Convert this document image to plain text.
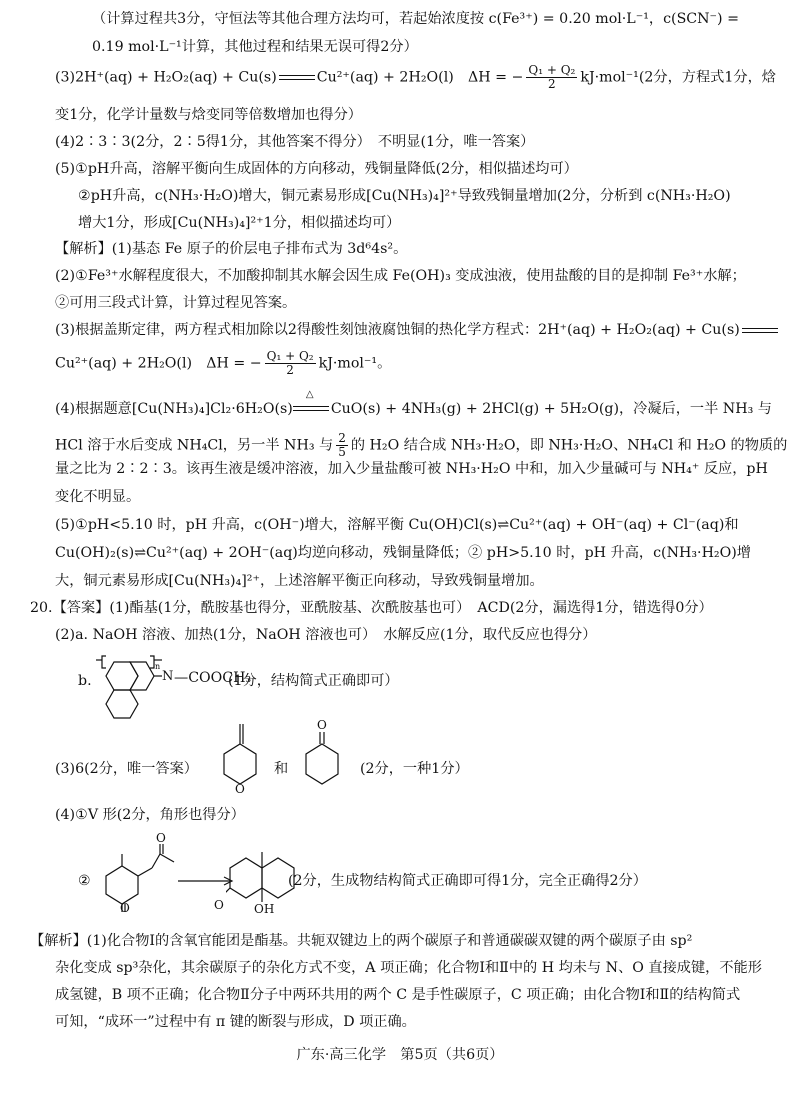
（计算过程共3分，守恒法等其他合理方法均可，若起始浓度按 c(Fe³⁺) = 0.20 mol·L⁻¹，c(SCN⁻) =
0.19 mol·L⁻¹计算，其他过程和结果无误可得2分）
(3)2H⁺(aq) + H₂O₂(aq) + Cu(s)	Cu²⁺(aq) + 2H₂O(l)　ΔH = − $\frac{\text{Q₁ + Q₂}}{2} kJ\cdot mol^{-1}(2$分，方程式1分，焓
变1分，化学计量数与焓变同等倍数增加也得分）
(4)2∶3∶3(2分，2∶5得1分，其他答案不得分）　不明显(1分，唯一答案）
(5)①pH升高，溶解平衡向生成固体的方向移动，残铜量降低(2分，相似描述均可）
②pH升高，c(NH₃·H₂O)增大，铜元素易形成[Cu(NH₃)₄]²⁺导致残铜量增加(2分，分析到 c(NH₃·H₂O)
增大1分，形成[Cu(NH₃)₄]²⁺1分，相似描述均可）
【解析】(1)基态 Fe 原子的价层电子排布式为 3d⁶4s²。
(2)①Fe³⁺水解程度很大，不加酸抑制其水解会因生成 Fe(OH)₃ 变成浊液，使用盐酸的目的是抑制 Fe³⁺水解；
②可用三段式计算，计算过程见答案。
(3)根据盖斯定律，两方程式相加除以2得酸性刻蚀液腐蚀铜的热化学方程式：2H⁺(aq) + H₂O₂(aq) + Cu(s)
Cu²⁺(aq) + 2H₂O(l)　ΔH = − $\frac{\text{Q₁ + Q₂}}{2} kJ\cdot mol^{-1}$。
(4)根据题意[Cu(NH₃)₄]Cl₂·6H₂O(s)
△
CuO(s) + 4NH₃(g) + 2HCl(g) + 5H₂O(g)，冷凝后，一半 NH₃ 与
HCl 溶于水后变成 NH₄Cl，另一半 NH₃ 与 $\frac{2}{5}$ 的 H₂O 结合成 NH₃·H₂O，即 NH₃·H₂O、NH₄Cl 和 H₂O 的物质的
量之比为 2∶2∶3。该再生液是缓冲溶液，加入少量盐酸可被 NH₃·H₂O 中和，加入少量碱可与 NH₄⁺ 反应，pH
变化不明显。
(5)①pH<5.10 时，pH 升高，c(OH⁻)增大，溶解平衡 Cu(OH)Cl(s)⇌Cu²⁺(aq) + OH⁻(aq) + Cl⁻(aq)和
Cu(OH)₂(s)⇌Cu²⁺(aq) + 2OH⁻(aq)均逆向移动，残铜量降低；② pH>5.10 时，pH 升高，c(NH₃·H₂O)增
大，铜元素易形成[Cu(NH₃)₄]²⁺，上述溶解平衡正向移动，导致残铜量增加。
20.【答案】(1)酯基(1分，酰胺基也得分，亚酰胺基、次酰胺基也可）　ACD(2分，漏选得1分，错选得0分）
(2)a. NaOH 溶液、加热(1分，NaOH 溶液也可）　水解反应(1分，取代反应也得分）
b.
n
N —COOCH₃
(1分，结构简式正确即可）
(3)6(2分，唯一答案）
O
和
O
(2分，一种1分）
(4)①V 形(2分，角形也得分）
②
O
O	O	OH
(2分，生成物结构简式正确即可得1分，完全正确得2分）
【解析】(1)化合物Ⅰ的含氧官能团是酯基。共轭双键边上的两个碳原子和普通碳碳双键的两个碳原子由 sp²
杂化变成 sp³杂化，其余碳原子的杂化方式不变，A 项正确；化合物Ⅰ和Ⅱ中的 H 均未与 N、O 直接成键，不能形
成氢键，B 项不正确；化合物Ⅱ分子中两环共用的两个 C 是手性碳原子，C 项正确；由化合物Ⅰ和Ⅱ的结构简式
可知，“成环一”过程中有 π 键的断裂与形成，D 项正确。
广东·高三化学　第5页（共6页）
